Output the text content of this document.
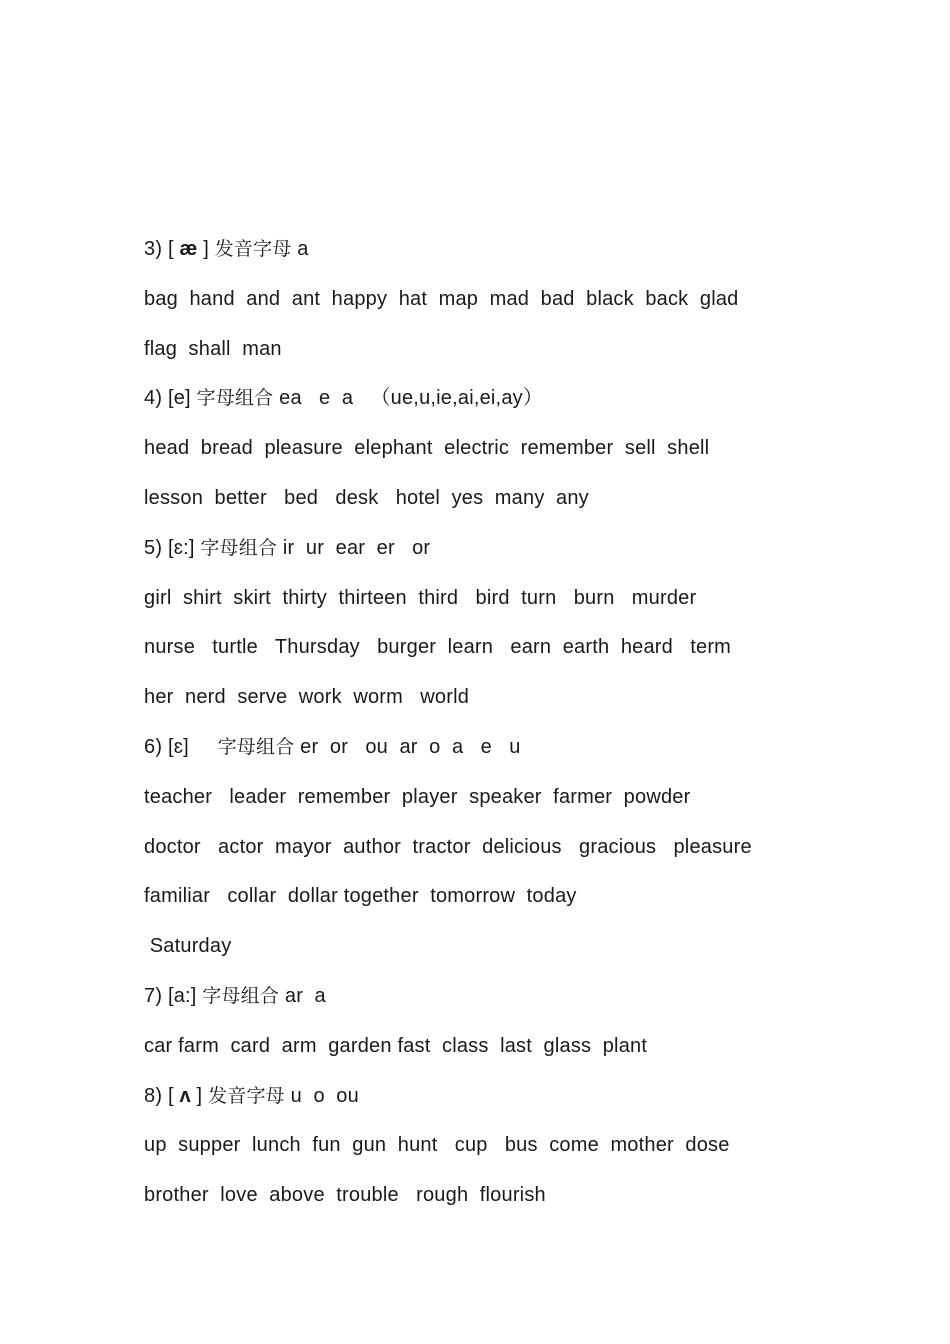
3) [ æ ] 发音字母 a
bag  hand  and  ant  happy  hat  map  mad  bad  black  back  glad
flag  shall  man
4) [e] 字母组合 ea   e  a   （ue,u,ie,ai,ei,ay）
head  bread  pleasure  elephant  electric  remember  sell  shell
lesson  better   bed   desk   hotel  yes  many  any
5) [ɛ:] 字母组合 ir  ur  ear  er   or
girl  shirt  skirt  thirty  thirteen  third   bird  turn   burn   murder
nurse   turtle   Thursday   burger  learn   earn  earth  heard   term
her  nerd  serve  work  worm   world
6) [ɛ]     字母组合 er  or   ou  ar  o  a   e   u
teacher   leader  remember  player  speaker  farmer  powder
doctor   actor  mayor  author  tractor  delicious   gracious   pleasure
familiar   collar  dollar together  tomorrow  today
Saturday
7) [a:] 字母组合 ar  a
car farm  card  arm  garden fast  class  last  glass  plant
8) [ ʌ ] 发音字母 u  o  ou
up  supper  lunch  fun  gun  hunt   cup   bus  come  mother  dose
brother  love  above  trouble   rough  flourish
